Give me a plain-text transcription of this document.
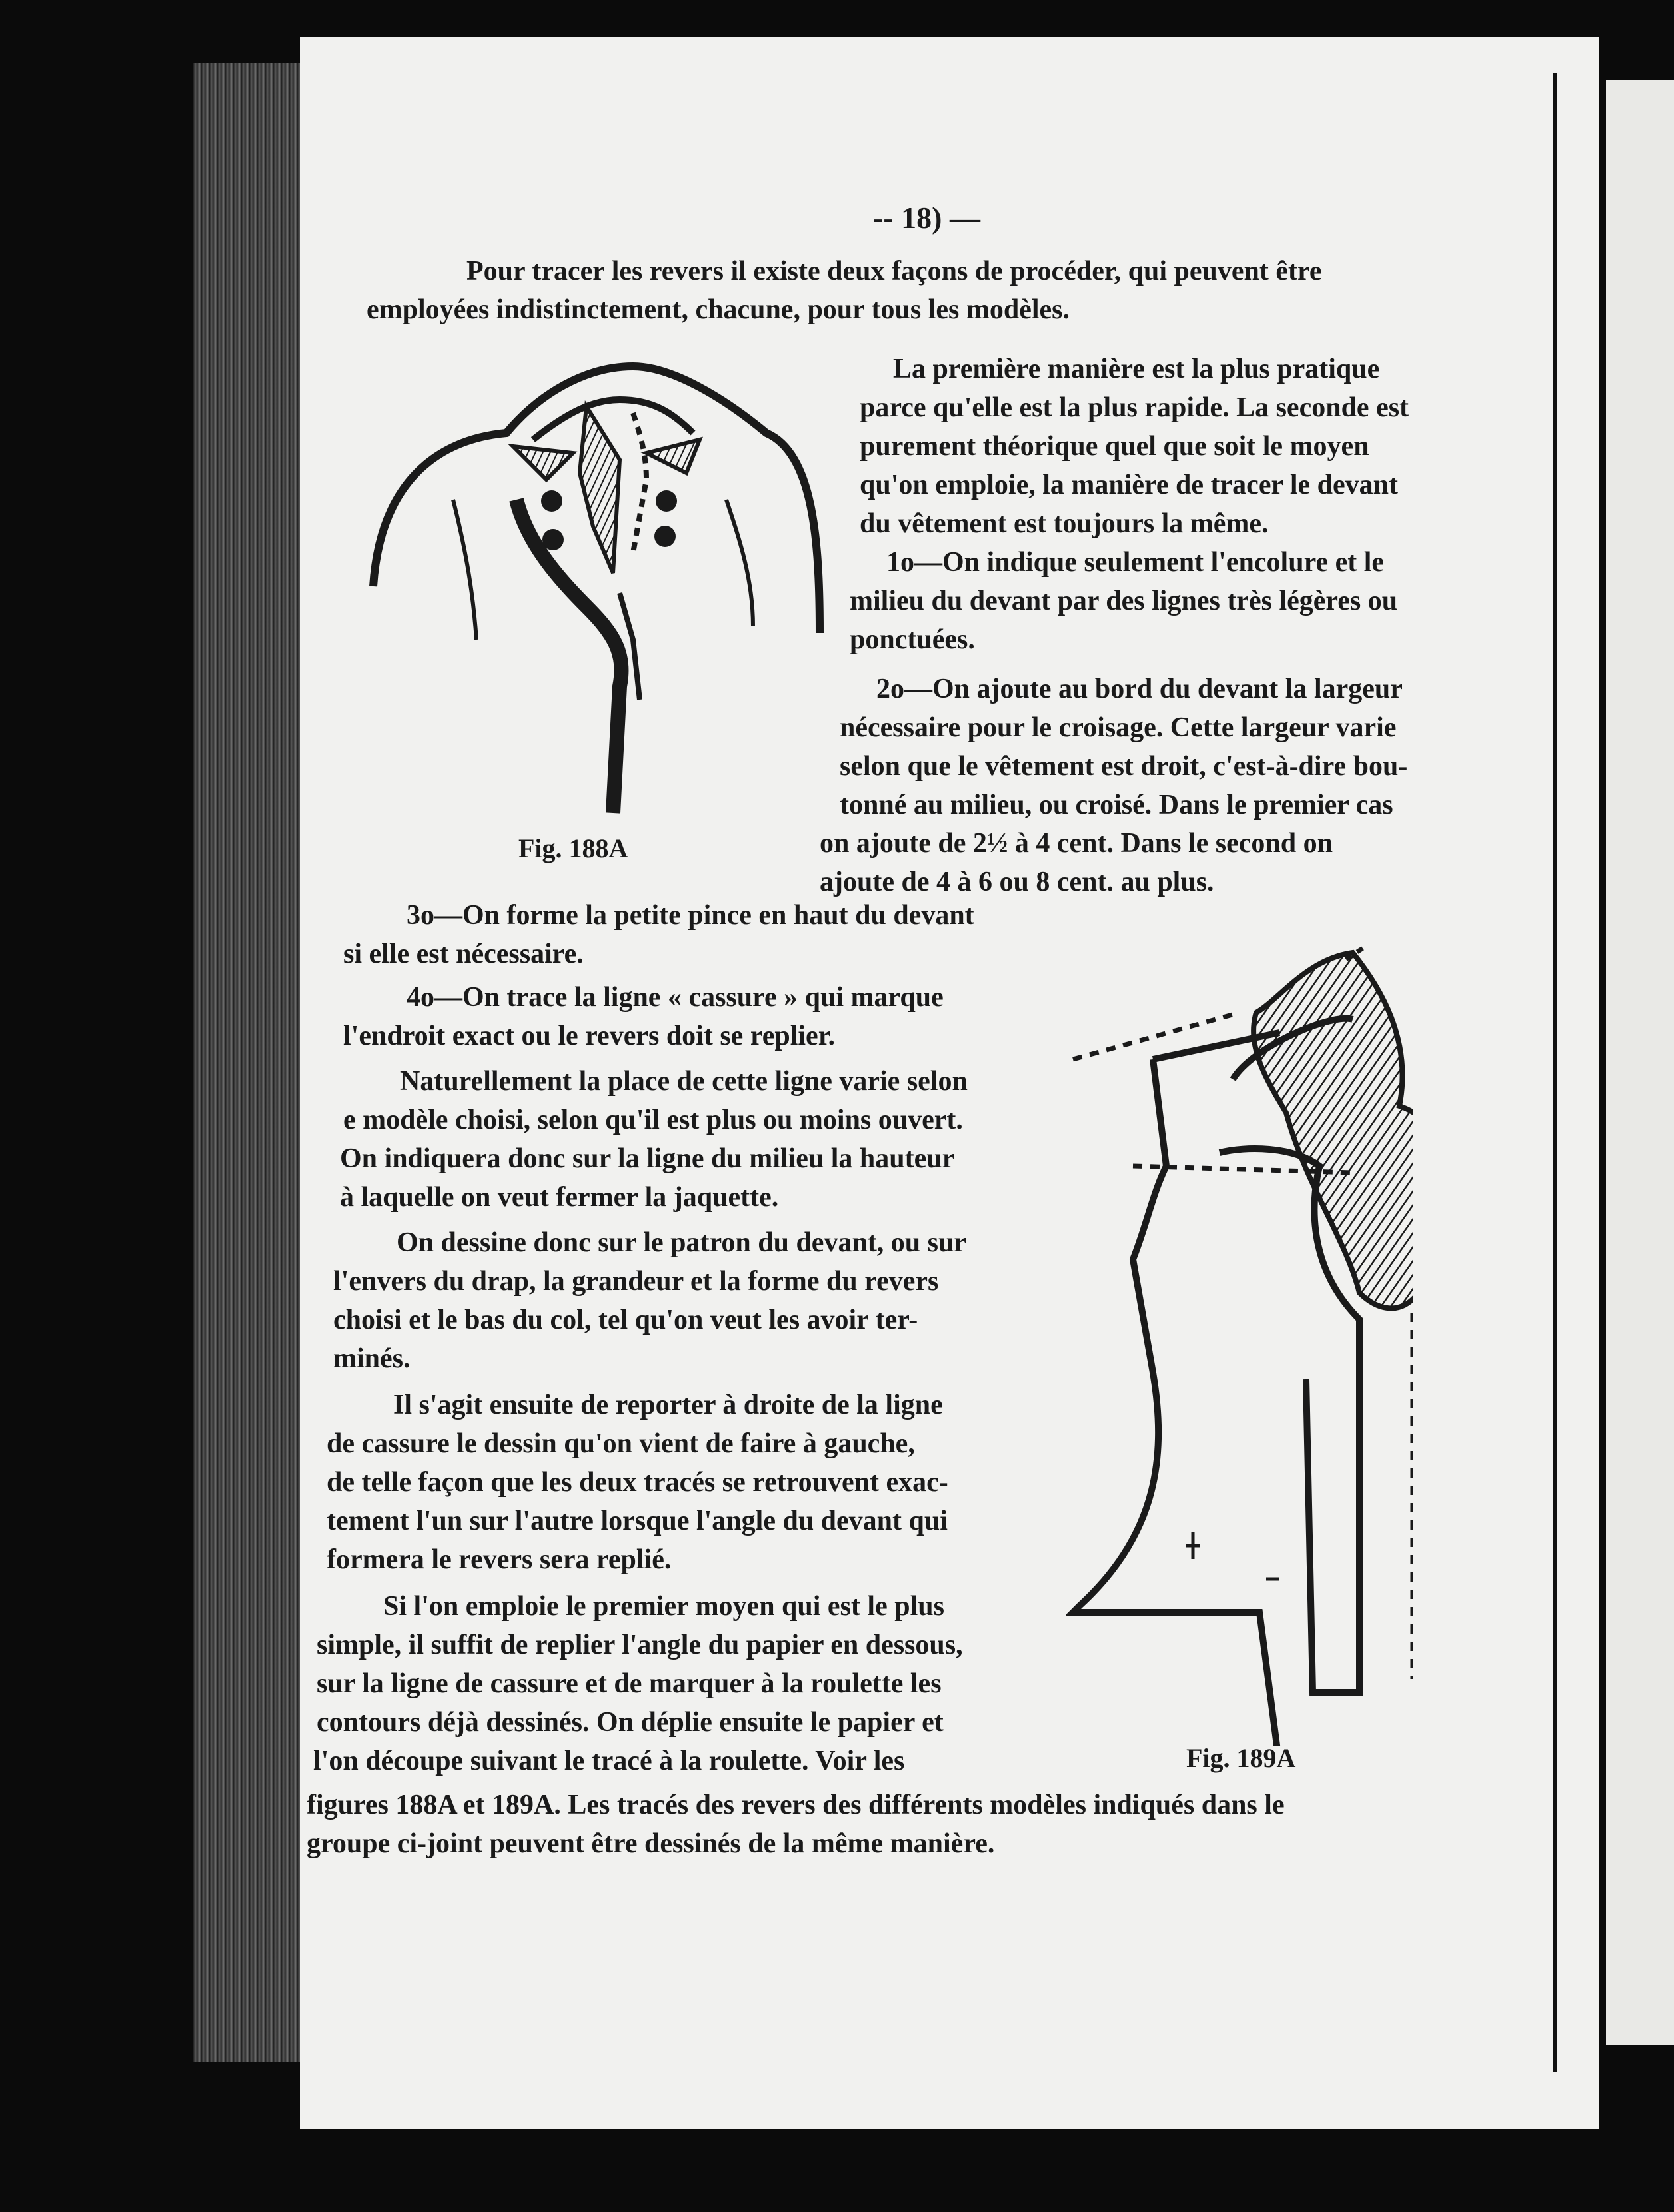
-- 18) —

Pour tracer les revers il existe deux façons de procéder, qui peuvent être

employées indistinctement, chacune, pour tous les modèles.

La première manière est la plus pratique

parce qu'elle est la plus rapide. La seconde est

purement théorique quel que soit le moyen

qu'on emploie, la manière de tracer le devant

du vêtement est toujours la même.

1o—On indique seulement l'encolure et le

milieu du devant par des lignes très légères ou

ponctuées.

2o—On ajoute au bord du devant la largeur

nécessaire pour le croisage. Cette largeur varie

selon que le vêtement est droit, c'est-à-dire bou-

tonné au milieu, ou croisé. Dans le premier cas

on ajoute de 2½ à 4 cent. Dans le second on

ajoute de 4 à 6 ou 8 cent. au plus.

Fig. 188A

3o—On forme la petite pince en haut du devant

si elle est nécessaire.

4o—On trace la ligne « cassure » qui marque

l'endroit exact ou le revers doit se replier.

Naturellement la place de cette ligne varie selon

e modèle choisi, selon qu'il est plus ou moins ouvert.

On indiquera donc sur la ligne du milieu la hauteur

à laquelle on veut fermer la jaquette.

On dessine donc sur le patron du devant, ou sur

l'envers du drap, la grandeur et la forme du revers

choisi et le bas du col, tel qu'on veut les avoir ter-

minés.

Il s'agit ensuite de reporter à droite de la ligne

de cassure le dessin qu'on vient de faire à gauche,

de telle façon que les deux tracés se retrouvent exac-

tement l'un sur l'autre lorsque l'angle du devant qui

formera le revers sera replié.

Si l'on emploie le premier moyen qui est le plus

simple, il suffit de replier l'angle du papier en dessous,

sur la ligne de cassure et de marquer à la roulette les

contours déjà dessinés. On déplie ensuite le papier et

l'on découpe suivant le tracé à la roulette. Voir les

figures 188A et 189A. Les tracés des revers des différents modèles indiqués dans le

groupe ci-joint peuvent être dessinés de la même manière.

Fig. 189A
